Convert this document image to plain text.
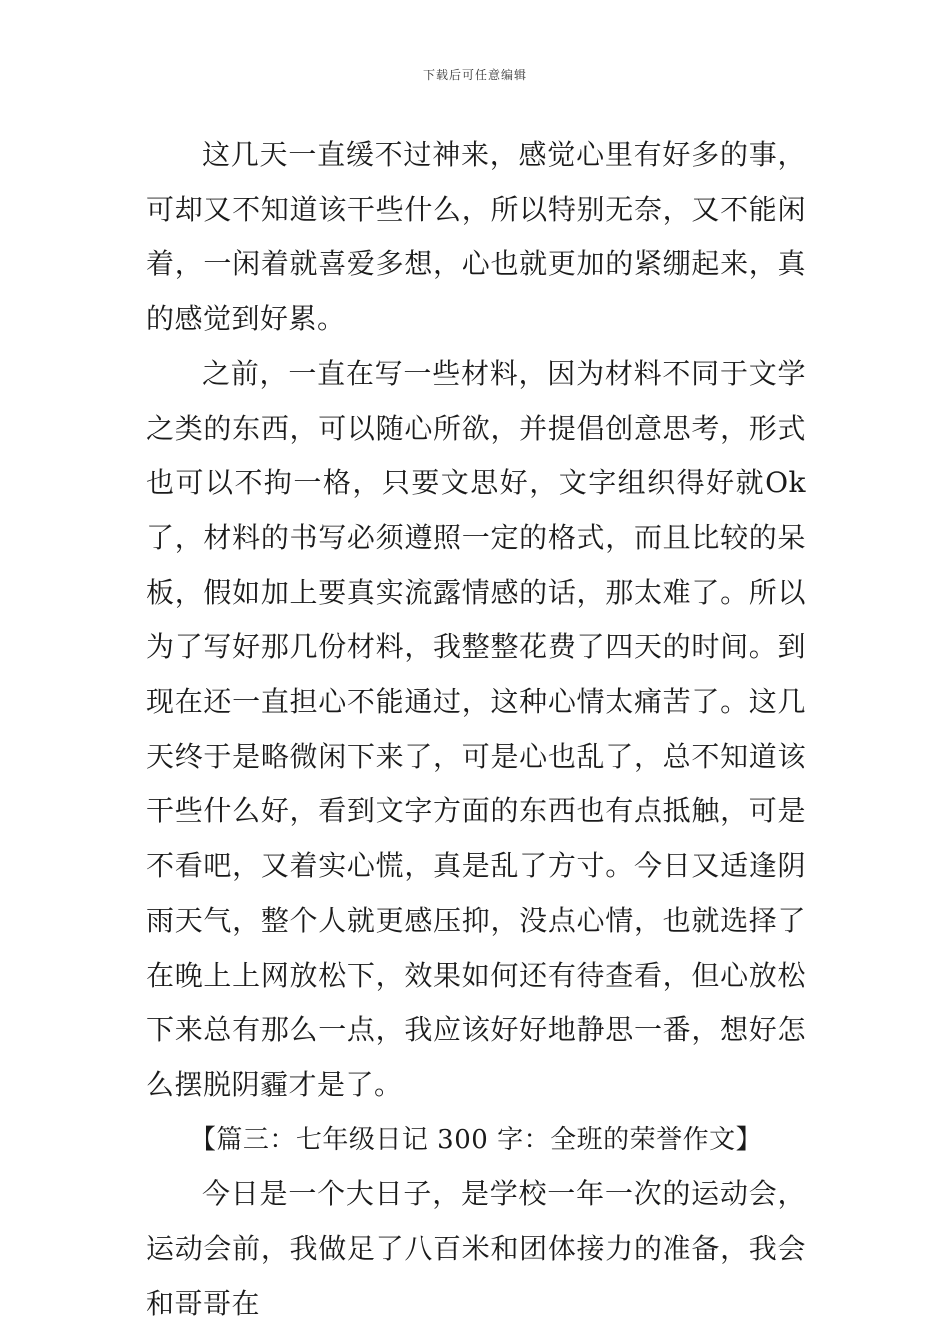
下载后可任意编辑

这几天一直缓不过神来，感觉心里有好多的事，可却又不知道该干些什么，所以特别无奈，又不能闲着，一闲着就喜爱多想，心也就更加的紧绷起来，真的感觉到好累。

之前，一直在写一些材料，因为材料不同于文学之类的东西，可以随心所欲，并提倡创意思考，形式也可以不拘一格，只要文思好，文字组织得好就Ok了，材料的书写必须遵照一定的格式，而且比较的呆板，假如加上要真实流露情感的话，那太难了。所以为了写好那几份材料，我整整花费了四天的时间。到现在还一直担心不能通过，这种心情太痛苦了。这几天终于是略微闲下来了，可是心也乱了，总不知道该干些什么好，看到文字方面的东西也有点抵触，可是不看吧，又着实心慌，真是乱了方寸。今日又适逢阴雨天气，整个人就更感压抑，没点心情，也就选择了在晚上上网放松下，效果如何还有待查看，但心放松下来总有那么一点，我应该好好地静思一番，想好怎么摆脱阴霾才是了。

【篇三：七年级日记 300 字：全班的荣誉作文】

今日是一个大日子，是学校一年一次的运动会，运动会前，我做足了八百米和团体接力的准备，我会和哥哥在
